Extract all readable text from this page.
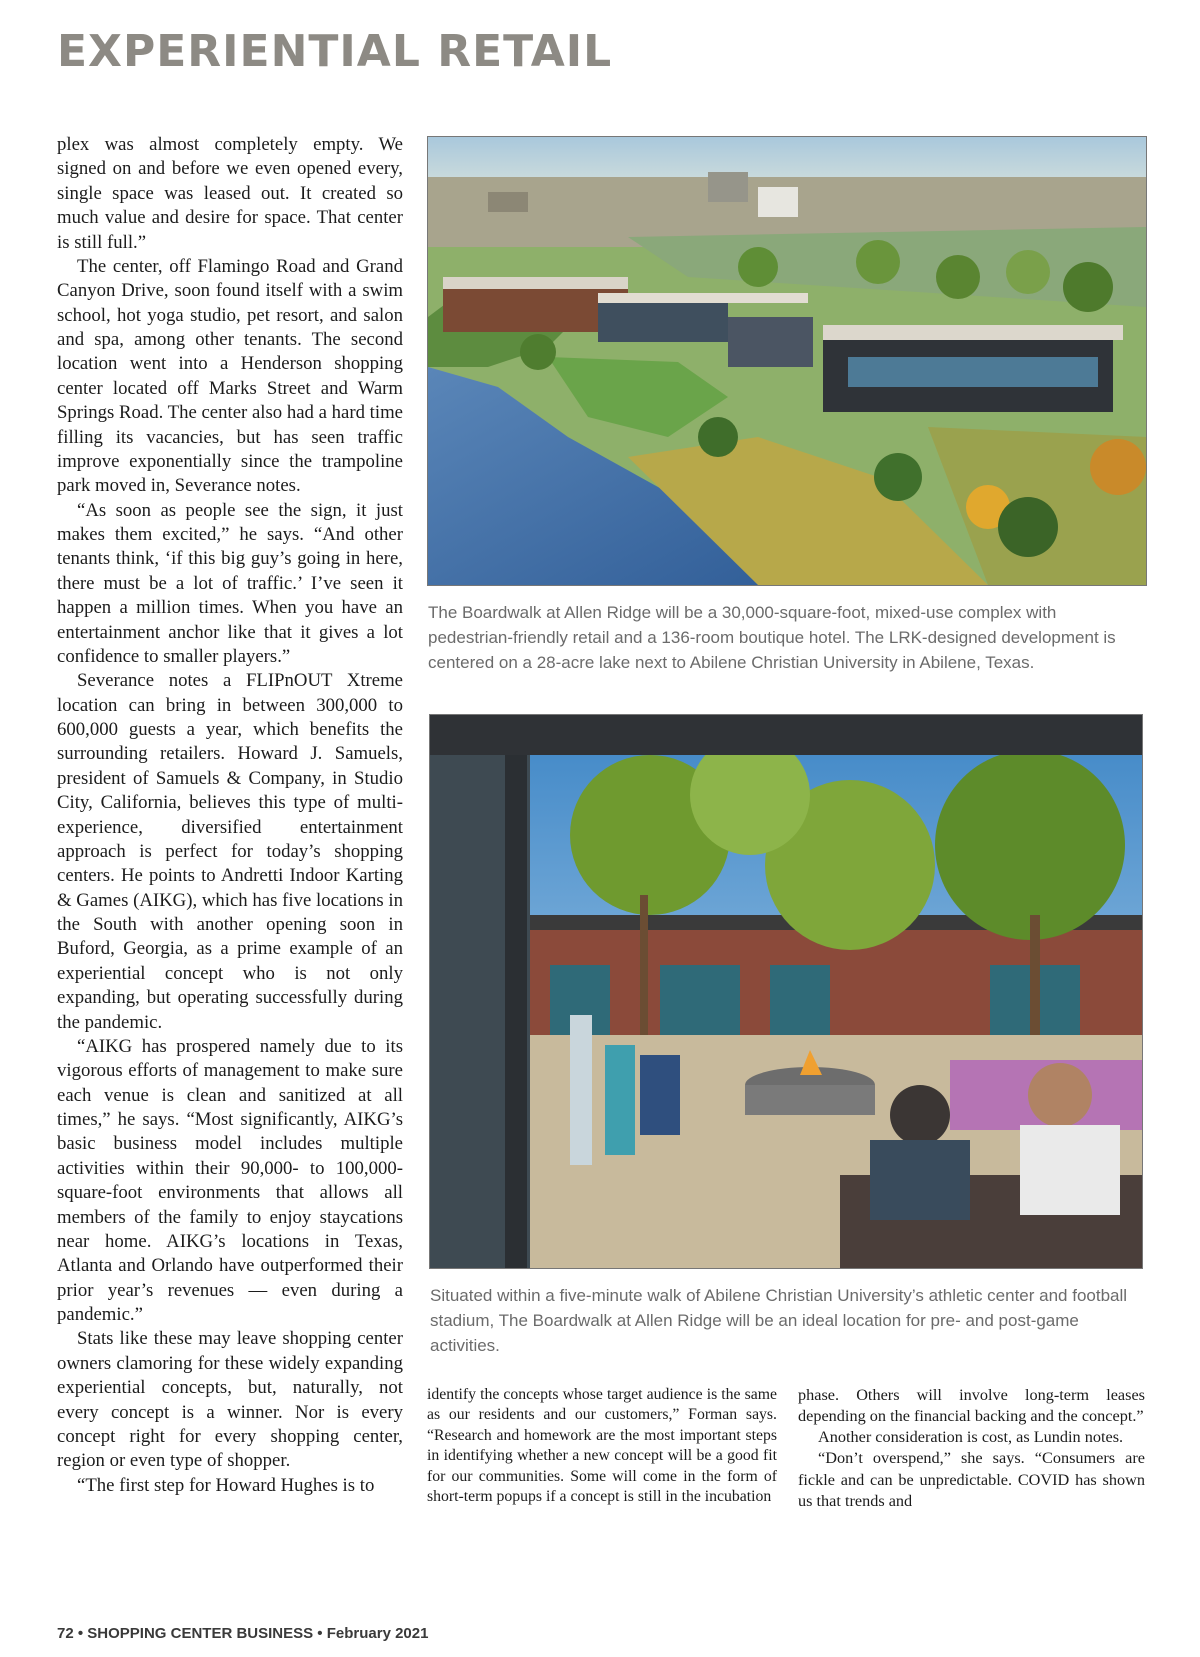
EXPERIENTIAL RETAIL

plex was almost completely empty. We signed on and before we even opened every, single space was leased out. It created so much value and desire for space. That center is still full.”

The center, off Flamingo Road and Grand Canyon Drive, soon found itself with a swim school, hot yoga studio, pet resort, and salon and spa, among other tenants. The second location went into a Henderson shopping center located off Marks Street and Warm Springs Road. The center also had a hard time filling its vacancies, but has seen traffic improve exponentially since the trampoline park moved in, Severance notes.

“As soon as people see the sign, it just makes them excited,” he says. “And other tenants think, ‘if this big guy’s going in here, there must be a lot of traffic.’ I’ve seen it happen a million times. When you have an entertainment anchor like that it gives a lot confidence to smaller players.”

Severance notes a FLIPnOUT Xtreme location can bring in between 300,000 to 600,000 guests a year, which benefits the surrounding retailers. Howard J. Samuels, president of Samuels & Company, in Studio City, California, believes this type of multi-experience, diversified entertainment approach is perfect for today’s shopping centers. He points to Andretti Indoor Karting & Games (AIKG), which has five locations in the South with another opening soon in Buford, Georgia, as a prime example of an experiential concept who is not only expanding, but operating successfully during the pandemic.

“AIKG has prospered namely due to its vigorous efforts of management to make sure each venue is clean and sanitized at all times,” he says. “Most significantly, AIKG’s basic business model includes multiple activities within their 90,000- to 100,000-square-foot environments that allows all members of the family to enjoy staycations near home. AIKG’s locations in Texas, Atlanta and Orlando have outperformed their prior year’s revenues — even during a pandemic.”

Stats like these may leave shopping center owners clamoring for these widely expanding experiential concepts, but, naturally, not every concept is a winner. Nor is every concept right for every shopping center, region or even type of shopper.

“The first step for Howard Hughes is to

The Boardwalk at Allen Ridge will be a 30,000-square-foot, mixed-use complex with pedestrian-friendly retail and a 136-room boutique hotel. The LRK-designed development is centered on a 28-acre lake next to Abilene Christian University in Abilene, Texas.

Situated within a five-minute walk of Abilene Christian University’s athletic center and football stadium, The Boardwalk at Allen Ridge will be an ideal location for pre- and post-game activities.

identify the concepts whose target audience is the same as our residents and our customers,” Forman says. “Research and homework are the most important steps in identifying whether a new concept will be a good fit for our communities. Some will come in the form of short-term popups if a concept is still in the incubation

phase. Others will involve long-term leases depending on the financial backing and the concept.”

Another consideration is cost, as Lundin notes.

“Don’t overspend,” she says. “Consumers are fickle and can be unpredictable. COVID has shown us that trends and

72 • SHOPPING CENTER BUSINESS • February 2021
